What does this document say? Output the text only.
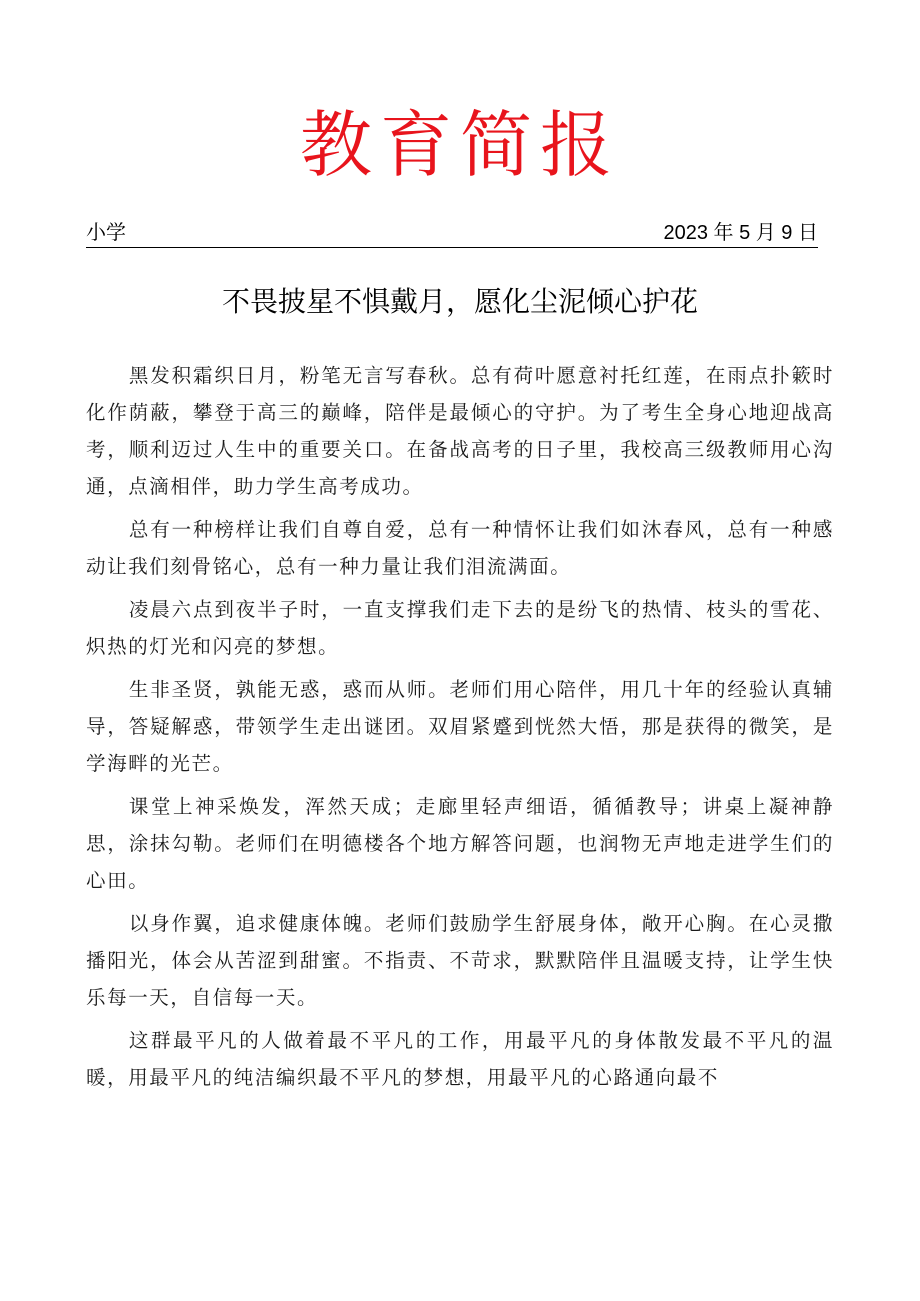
教育简报
小学	2023 年 5 月 9 日
不畏披星不惧戴月，愿化尘泥倾心护花

黑发积霜织日月，粉笔无言写春秋。总有荷叶愿意衬托红莲，在雨点扑簌时化作荫蔽，攀登于高三的巅峰，陪伴是最倾心的守护。为了考生全身心地迎战高考，顺利迈过人生中的重要关口。在备战高考的日子里，我校高三级教师用心沟通，点滴相伴，助力学生高考成功。

总有一种榜样让我们自尊自爱，总有一种情怀让我们如沐春风，总有一种感动让我们刻骨铭心，总有一种力量让我们泪流满面。

凌晨六点到夜半子时，一直支撑我们走下去的是纷飞的热情、枝头的雪花、炽热的灯光和闪亮的梦想。

生非圣贤，孰能无惑，惑而从师。老师们用心陪伴，用几十年的经验认真辅导，答疑解惑，带领学生走出谜团。双眉紧蹙到恍然大悟，那是获得的微笑，是学海畔的光芒。

课堂上神采焕发，浑然天成；走廊里轻声细语，循循教导；讲桌上凝神静思，涂抹勾勒。老师们在明德楼各个地方解答问题，也润物无声地走进学生们的心田。

以身作翼，追求健康体魄。老师们鼓励学生舒展身体，敞开心胸。在心灵撒播阳光，体会从苦涩到甜蜜。不指责、不苛求，默默陪伴且温暖支持，让学生快乐每一天，自信每一天。

这群最平凡的人做着最不平凡的工作，用最平凡的身体散发最不平凡的温暖，用最平凡的纯洁编织最不平凡的梦想，用最平凡的心路通向最不
